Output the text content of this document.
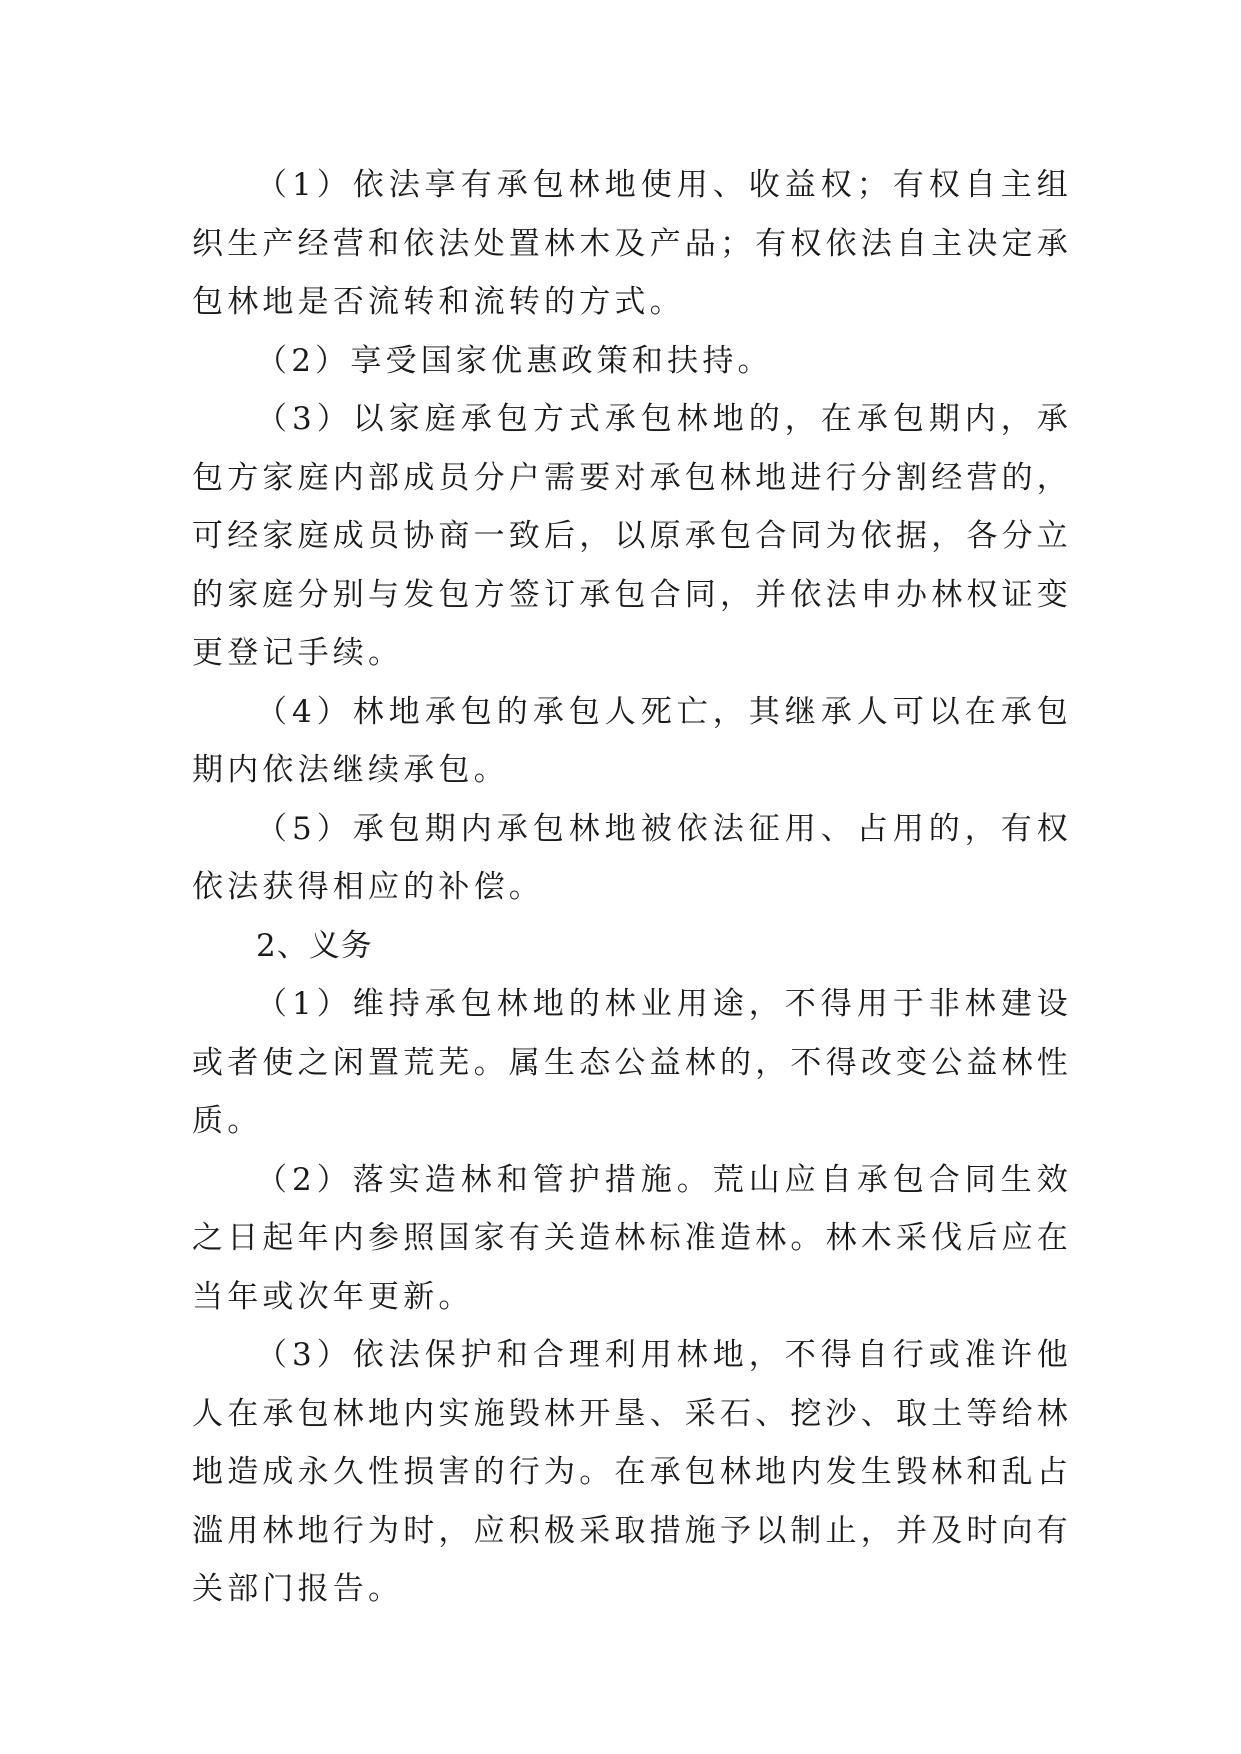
（1）依法享有承包林地使用、收益权；有权自主组织生产经营和依法处置林木及产品；有权依法自主决定承包林地是否流转和流转的方式。

（2）享受国家优惠政策和扶持。

（3）以家庭承包方式承包林地的，在承包期内，承包方家庭内部成员分户需要对承包林地进行分割经营的，可经家庭成员协商一致后，以原承包合同为依据，各分立的家庭分别与发包方签订承包合同，并依法申办林权证变更登记手续。

（4）林地承包的承包人死亡，其继承人可以在承包期内依法继续承包。

（5）承包期内承包林地被依法征用、占用的，有权依法获得相应的补偿。

2、义务

（1）维持承包林地的林业用途，不得用于非林建设或者使之闲置荒芜。属生态公益林的，不得改变公益林性质。

（2）落实造林和管护措施。荒山应自承包合同生效之日起年内参照国家有关造林标准造林。林木采伐后应在当年或次年更新。

（3）依法保护和合理利用林地，不得自行或准许他人在承包林地内实施毁林开垦、采石、挖沙、取土等给林地造成永久性损害的行为。在承包林地内发生毁林和乱占滥用林地行为时，应积极采取措施予以制止，并及时向有关部门报告。
